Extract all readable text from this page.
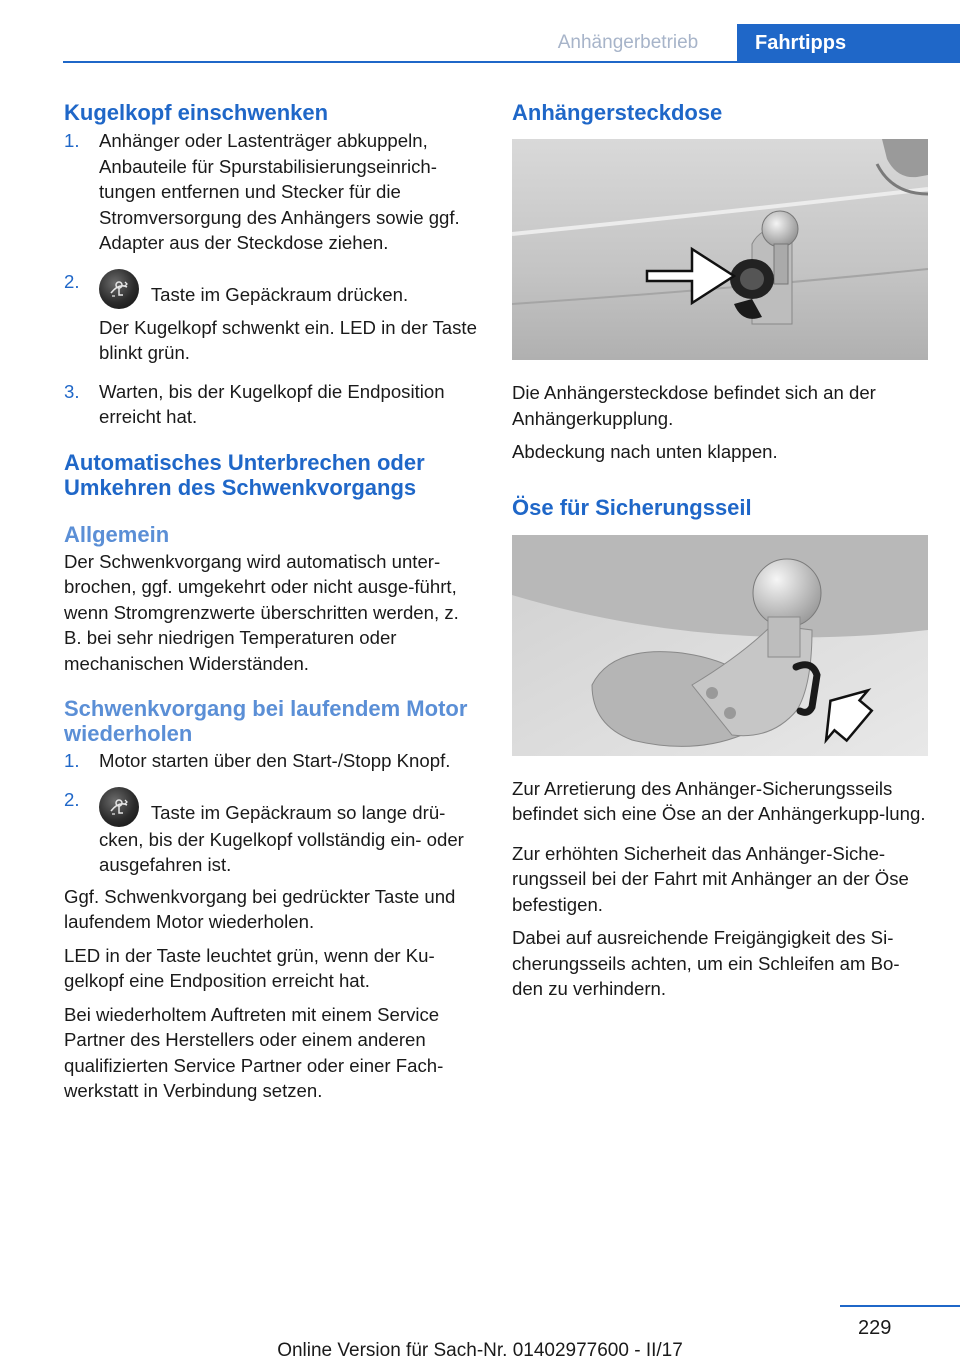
Anhängerbetrieb	Fahrtipps
Kugelkopf einschwenken
1. Anhänger oder Lastenträger abkuppeln, Anbauteile für Spurstabilisierungseinrich‐tungen entfernen und Stecker für die Stromversorgung des Anhängers sowie ggf. Adapter aus der Steckdose ziehen.
2.
Taste im Gepäckraum drücken.

Der Kugelkopf schwenkt ein. LED in der Taste blinkt grün.

3. Warten, bis der Kugelkopf die Endposition erreicht hat.
Automatisches Unterbrechen oder Umkehren des Schwenkvorgangs
Allgemein

Der Schwenkvorgang wird automatisch unter‐brochen, ggf. umgekehrt oder nicht ausge‐führt, wenn Stromgrenzwerte überschritten werden, z. B. bei sehr niedrigen Temperaturen oder mechanischen Widerständen.

Schwenkvorgang bei laufendem Motor wiederholen
1. Motor starten über den Start-/Stopp Knopf.
2.
Taste im Gepäckraum so lange drü‐cken, bis der Kugelkopf vollständig ein- oder ausgefahren ist.

Ggf. Schwenkvorgang bei gedrückter Taste und laufendem Motor wiederholen.

LED in der Taste leuchtet grün, wenn der Ku‐gelkopf eine Endposition erreicht hat.

Bei wiederholtem Auftreten mit einem Service Partner des Herstellers oder einem anderen qualifizierten Service Partner oder einer Fach‐werkstatt in Verbindung setzen.

Anhängersteckdose

Die Anhängersteckdose befindet sich an der Anhängerkupplung.

Abdeckung nach unten klappen.

Öse für Sicherungsseil

Zur Arretierung des Anhänger-Sicherungsseils befindet sich eine Öse an der Anhängerkupp‐lung.

Zur erhöhten Sicherheit das Anhänger-Siche‐rungsseil bei der Fahrt mit Anhänger an der Öse befestigen.

Dabei auf ausreichende Freigängigkeit des Si‐cherungsseils achten, um ein Schleifen am Bo‐den zu verhindern.

229
Online Version für Sach-Nr. 01402977600 - II/17
